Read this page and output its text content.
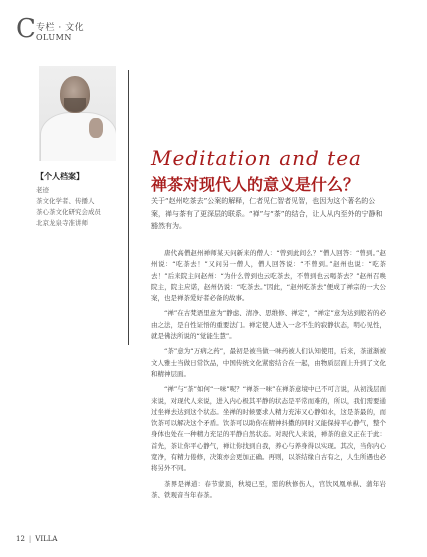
C 专栏 · 文化
OLUMN
【个人档案】
老迹
茶文化学者、传播人
茶心茶文化研究会成员
北京龙泉寺准讲师
Meditation and tea
禅茶对现代人的意义是什么？

关于“赵州吃茶去”公案的解释，仁者见仁智者见智，也因为这个著名的公案，禅与茶有了更深层的联系。“禅”与“茶”的结合，让人从内至外的宁静和豁然有为。

唐代高僧赵州禅师某天问新来的僧人：“曾到此间么？”僧人回答：“曾到。”赵州说：“吃茶去！”又问另一僧人，僧人回答说：“不曾到。”赵州也说：“吃茶去！”后来院主问赵州：“为什么曾到也云吃茶去，不曾到也云喝茶去？”赵州召唤院主，院主应诺，赵州仍说：“吃茶去。”因此，“赵州吃茶去”便成了禅宗的一大公案，也是禅茶爱好者必备的故事。

“禅”在古梵语里意为“静虑、清净、思维修、禅定”，“禅定”意为达到般若的必由之法，是自性证悟的重要法门。禅定使人进入一念不生的寂静状态，明心见性，就是佛法所说的“觉能生慧”。

“茶”意为“万病之药”，最初是被当做一味药被人们认知使用，后来，茶道渐被文人雅士当做日常饮品，中国传统文化紧密结合在一起，由物质层面上升到了文化和精神层面。

“禅”与“茶”如何“一味”呢？“禅茶一味”在禅茶意境中已不可言说，从初浅层面来说，对现代人来说，进入内心极其平静的状态是平常而难的，所以，我们需要通过坐禅去达到这个状态。坐禅的时候要求人精力充沛又心静如水，这是茶最的，而饮茶可以解决这个矛盾。饮茶可以助你在精神抖擞的同时又能保持平心静气，整个身体也处在一种精力充足的平静自然状态。对现代人来说，禅茶的意义正在于此：首先，茶让你平心静气，禅让你找到自我，养心与养身得以实现。其次，当你内心宽净，有精力倦修，决策亦会更加正确。再则，以茶结缘自古有之，人生所遇也必将另外不同。

茶界是禅道：春节蒙顶，秋境已至，需的秋修伤人，官饮风凰单枞、蒲年岩茶、铁观音当年春茶。

12 | VILLA
